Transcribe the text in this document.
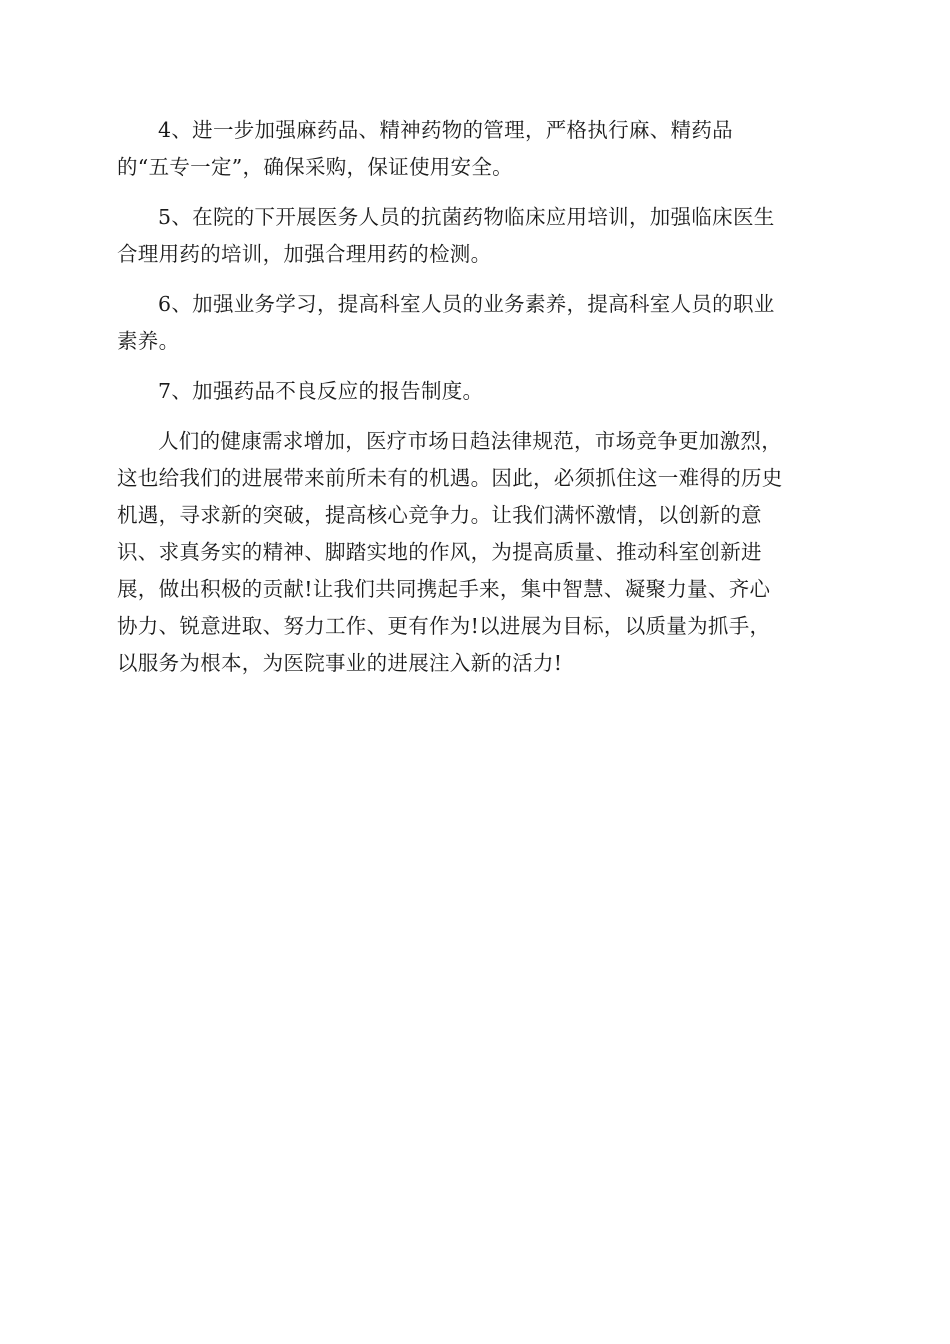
4、进一步加强麻药品、精神药物的管理，严格执行麻、精药品
的“五专一定”，确保采购，保证使用安全。
5、在院的下开展医务人员的抗菌药物临床应用培训，加强临床医生
合理用药的培训，加强合理用药的检测。
6、加强业务学习，提高科室人员的业务素养，提高科室人员的职业
素养。
7、加强药品不良反应的报告制度。
人们的健康需求增加，医疗市场日趋法律规范，市场竞争更加激烈，
这也给我们的进展带来前所未有的机遇。因此，必须抓住这一难得的历史
机遇，寻求新的突破，提高核心竞争力。让我们满怀激情，以创新的意
识、求真务实的精神、脚踏实地的作风，为提高质量、推动科室创新进
展，做出积极的贡献!让我们共同携起手来，集中智慧、凝聚力量、齐心
协力、锐意进取、努力工作、更有作为!以进展为目标，以质量为抓手，
以服务为根本，为医院事业的进展注入新的活力!
